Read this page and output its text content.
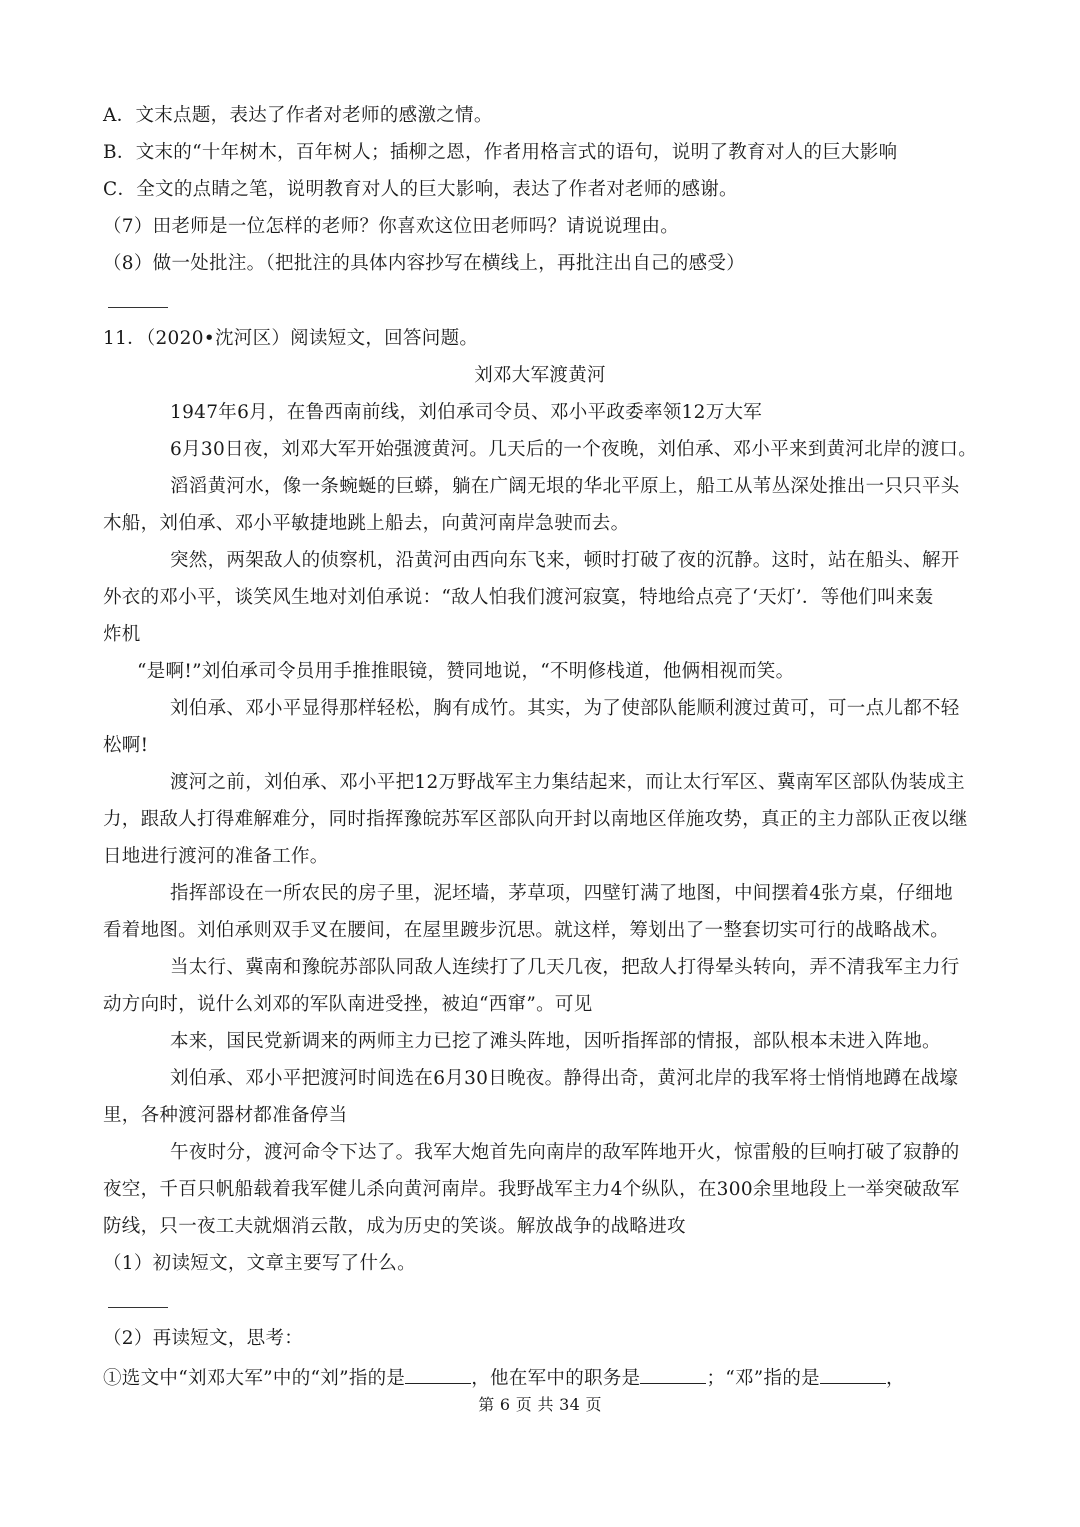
A．文末点题，表达了作者对老师的感激之情。
B．文末的“十年树木，百年树人；插柳之恩，作者用格言式的语句，说明了教育对人的巨大影响
C．全文的点睛之笔，说明教育对人的巨大影响，表达了作者对老师的感谢。
（7）田老师是一位怎样的老师？你喜欢这位田老师吗？请说说理由。
（8）做一处批注。（把批注的具体内容抄写在横线上，再批注出自己的感受）
11．（2020•沈河区）阅读短文，回答问题。
刘邓大军渡黄河
1947年6月，在鲁西南前线，刘伯承司令员、邓小平政委率领12万大军
6月30日夜，刘邓大军开始强渡黄河。几天后的一个夜晚，刘伯承、邓小平来到黄河北岸的渡口。
滔滔黄河水，像一条蜿蜒的巨蟒，躺在广阔无垠的华北平原上，船工从苇丛深处推出一只只平头
木船，刘伯承、邓小平敏捷地跳上船去，向黄河南岸急驶而去。
突然，两架敌人的侦察机，沿黄河由西向东飞来，顿时打破了夜的沉静。这时，站在船头、解开
外衣的邓小平，谈笑风生地对刘伯承说：“敌人怕我们渡河寂寞，特地给点亮了‘天灯’．等他们叫来轰
炸机
“是啊!”刘伯承司令员用手推推眼镜，赞同地说，“不明修栈道，他俩相视而笑。
刘伯承、邓小平显得那样轻松，胸有成竹。其实，为了使部队能顺利渡过黄可，可一点儿都不轻
松啊!
渡河之前，刘伯承、邓小平把12万野战军主力集结起来，而让太行军区、冀南军区部队伪装成主
力，跟敌人打得难解难分，同时指挥豫皖苏军区部队向开封以南地区佯施攻势，真正的主力部队正夜以继
日地进行渡河的准备工作。
指挥部设在一所农民的房子里，泥坯墙，茅草项，四壁钉满了地图，中间摆着4张方桌，仔细地
看着地图。刘伯承则双手叉在腰间，在屋里踱步沉思。就这样，筹划出了一整套切实可行的战略战术。
当太行、冀南和豫皖苏部队同敌人连续打了几天几夜，把敌人打得晕头转向，弄不清我军主力行
动方向时，说什么刘邓的军队南进受挫，被迫“西窜”。可见
本来，国民党新调来的两师主力已挖了滩头阵地，因听指挥部的情报，部队根本未进入阵地。
刘伯承、邓小平把渡河时间选在6月30日晚夜。静得出奇，黄河北岸的我军将士悄悄地蹲在战壕
里，各种渡河器材都准备停当
午夜时分，渡河命令下达了。我军大炮首先向南岸的敌军阵地开火，惊雷般的巨响打破了寂静的
夜空，千百只帆船载着我军健儿杀向黄河南岸。我野战军主力4个纵队，在300余里地段上一举突破敌军
防线，只一夜工夫就烟消云散，成为历史的笑谈。解放战争的战略进攻
（1）初读短文，文章主要写了什么。
（2）再读短文，思考：
①选文中“刘邓大军”中的“刘”指的是	，他在军中的职务是	；“邓”指的是	，
第 6 页 共 34 页
